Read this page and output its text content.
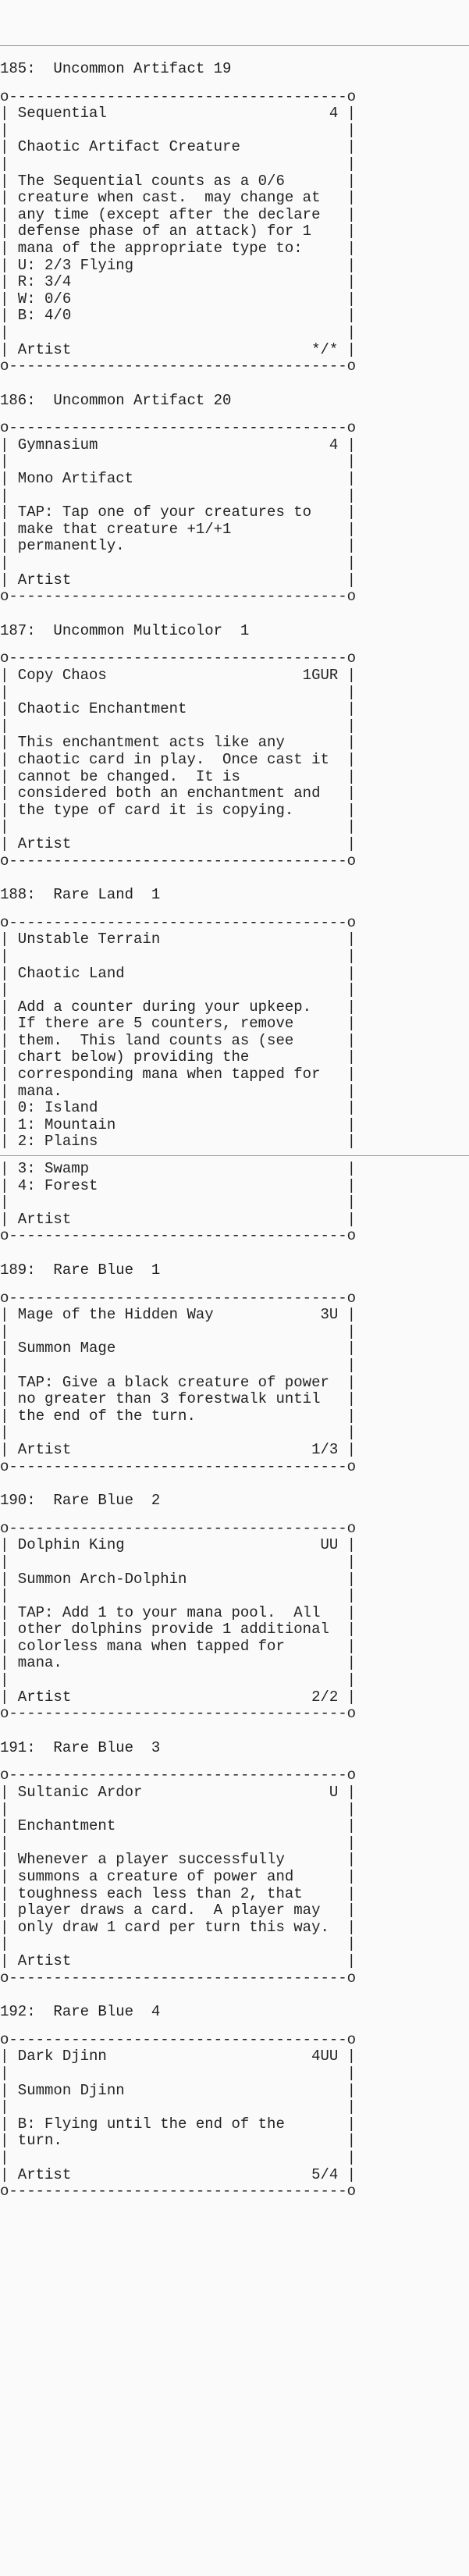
185:  Uncommon Artifact 19
o--------------------------------------o
| Sequential                         4 |
|                                      |
| Chaotic Artifact Creature            |
|                                      |
| The Sequential counts as a 0/6       |
| creature when cast.  may change at   |
| any time (except after the declare   |
| defense phase of an attack) for 1    |
| mana of the appropriate type to:     |
| U: 2/3 Flying                        |
| R: 3/4                               |
| W: 0/6                               |
| B: 4/0                               |
|                                      |
| Artist                           */* |
o--------------------------------------o
186:  Uncommon Artifact 20
o--------------------------------------o
| Gymnasium                          4 |
|                                      |
| Mono Artifact                        |
|                                      |
| TAP: Tap one of your creatures to    |
| make that creature +1/+1             |
| permanently.                         |
|                                      |
| Artist                               |
o--------------------------------------o
187:  Uncommon Multicolor  1
o--------------------------------------o
| Copy Chaos                      1GUR |
|                                      |
| Chaotic Enchantment                  |
|                                      |
| This enchantment acts like any       |
| chaotic card in play.  Once cast it  |
| cannot be changed.  It is            |
| considered both an enchantment and   |
| the type of card it is copying.      |
|                                      |
| Artist                               |
o--------------------------------------o
188:  Rare Land  1
o--------------------------------------o
| Unstable Terrain                     |
|                                      |
| Chaotic Land                         |
|                                      |
| Add a counter during your upkeep.    |
| If there are 5 counters, remove      |
| them.  This land counts as (see      |
| chart below) providing the           |
| corresponding mana when tapped for   |
| mana.                                |
| 0: Island                            |
| 1: Mountain                          |
| 2: Plains                            |
| 3: Swamp                             |
| 4: Forest                            |
|                                      |
| Artist                               |
o--------------------------------------o
189:  Rare Blue  1
o--------------------------------------o
| Mage of the Hidden Way            3U |
|                                      |
| Summon Mage                          |
|                                      |
| TAP: Give a black creature of power  |
| no greater than 3 forestwalk until   |
| the end of the turn.                 |
|                                      |
| Artist                           1/3 |
o--------------------------------------o
190:  Rare Blue  2
o--------------------------------------o
| Dolphin King                      UU |
|                                      |
| Summon Arch-Dolphin                  |
|                                      |
| TAP: Add 1 to your mana pool.  All   |
| other dolphins provide 1 additional  |
| colorless mana when tapped for       |
| mana.                                |
|                                      |
| Artist                           2/2 |
o--------------------------------------o
191:  Rare Blue  3
o--------------------------------------o
| Sultanic Ardor                     U |
|                                      |
| Enchantment                          |
|                                      |
| Whenever a player successfully       |
| summons a creature of power and      |
| toughness each less than 2, that     |
| player draws a card.  A player may   |
| only draw 1 card per turn this way.  |
|                                      |
| Artist                               |
o--------------------------------------o
192:  Rare Blue  4
o--------------------------------------o
| Dark Djinn                       4UU |
|                                      |
| Summon Djinn                         |
|                                      |
| B: Flying until the end of the       |
| turn.                                |
|                                      |
| Artist                           5/4 |
o--------------------------------------o
